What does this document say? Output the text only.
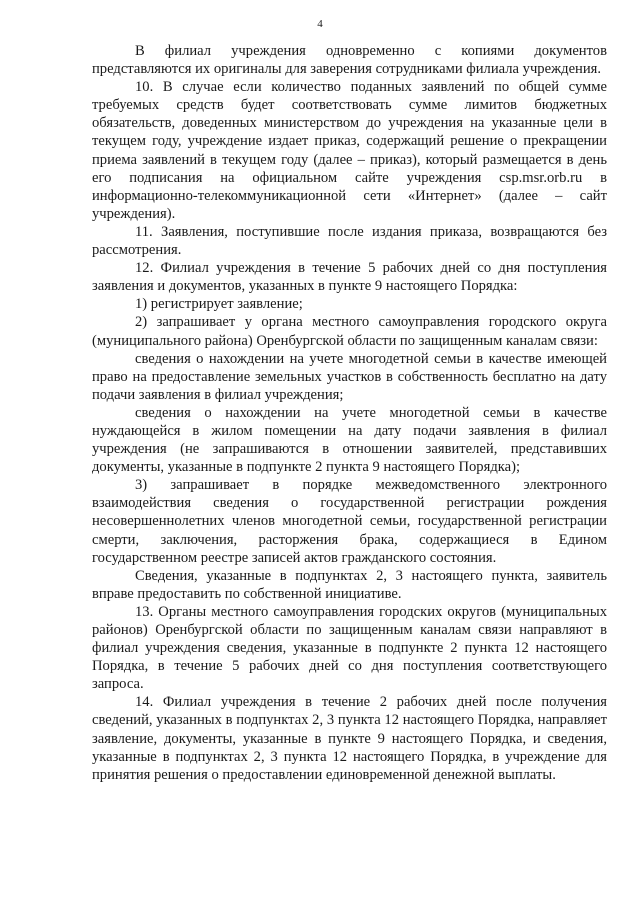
4

В филиал учреждения одновременно с копиями документов представляются их оригиналы для заверения сотрудниками филиала учреждения.

10. В случае если количество поданных заявлений по общей сумме требуемых средств будет соответствовать сумме лимитов бюджетных обязательств, доведенных министерством до учреждения на указанные цели в текущем году, учреждение издает приказ, содержащий решение о прекращении приема заявлений в текущем году (далее – приказ), который размещается в день его подписания на официальном сайте учреждения csp.msr.orb.ru в информационно-телекоммуникационной сети «Интернет» (далее – сайт учреждения).

11. Заявления, поступившие после издания приказа, возвращаются без рассмотрения.

12. Филиал учреждения в течение 5 рабочих дней со дня поступления заявления и документов, указанных в пункте 9 настоящего Порядка:

1) регистрирует заявление;

2) запрашивает у органа местного самоуправления городского округа (муниципального района) Оренбургской области по защищенным каналам связи:

сведения о нахождении на учете многодетной семьи в качестве имеющей право на предоставление земельных участков в собственность бесплатно на дату подачи заявления в филиал учреждения;

сведения о нахождении на учете многодетной семьи в качестве нуждающейся в жилом помещении на дату подачи заявления в филиал учреждения (не запрашиваются в отношении заявителей, представивших документы, указанные в подпункте 2 пункта 9 настоящего Порядка);

3) запрашивает в порядке межведомственного электронного взаимодействия сведения о государственной регистрации рождения несовершеннолетних членов многодетной семьи, государственной регистрации смерти, заключения, расторжения брака, содержащиеся в Едином государственном реестре записей актов гражданского состояния.

Сведения, указанные в подпунктах 2, 3 настоящего пункта, заявитель вправе предоставить по собственной инициативе.

13. Органы местного самоуправления городских округов (муниципальных районов) Оренбургской области по защищенным каналам связи направляют в филиал учреждения сведения, указанные в подпункте 2 пункта 12 настоящего Порядка, в течение 5 рабочих дней со дня поступления соответствующего запроса.

14. Филиал учреждения в течение 2 рабочих дней после получения сведений, указанных в подпунктах 2, 3 пункта 12 настоящего Порядка, направляет заявление, документы, указанные в пункте 9 настоящего Порядка, и сведения, указанные в подпунктах 2, 3 пункта 12 настоящего Порядка, в учреждение для принятия решения о предоставлении единовременной денежной выплаты.
